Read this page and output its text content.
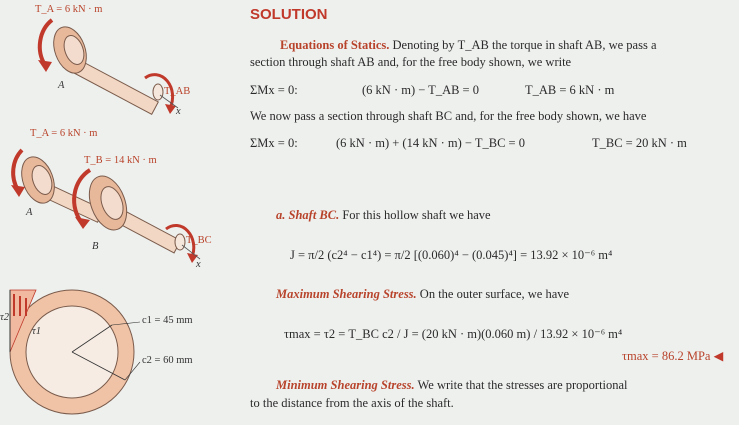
T_A = 6 kN · m
T_AB
A
x
T_A = 6 kN · m
T_B = 14 kN · m
T_BC
A
B
x
τ2
τ1
c1 = 45 mm
c2 = 60 mm
SOLUTION
Equations of Statics. Denoting by T_AB the torque in shaft AB, we pass a
section through shaft AB and, for the free body shown, we write
ΣMx = 0:	(6 kN · m) − T_AB = 0	T_AB = 6 kN · m
We now pass a section through shaft BC and, for the free body shown, we have
ΣMx = 0:	(6 kN · m) + (14 kN · m) − T_BC = 0	T_BC = 20 kN · m
a. Shaft BC. For this hollow shaft we have
J = π/2 (c2⁴ − c1⁴) = π/2 [(0.060)⁴ − (0.045)⁴] = 13.92 × 10⁻⁶ m⁴
Maximum Shearing Stress. On the outer surface, we have
τmax = τ2 = T_BC c2 / J = (20 kN · m)(0.060 m) / 13.92 × 10⁻⁶ m⁴
τmax = 86.2 MPa ◀
Minimum Shearing Stress. We write that the stresses are proportional
to the distance from the axis of the shaft.
